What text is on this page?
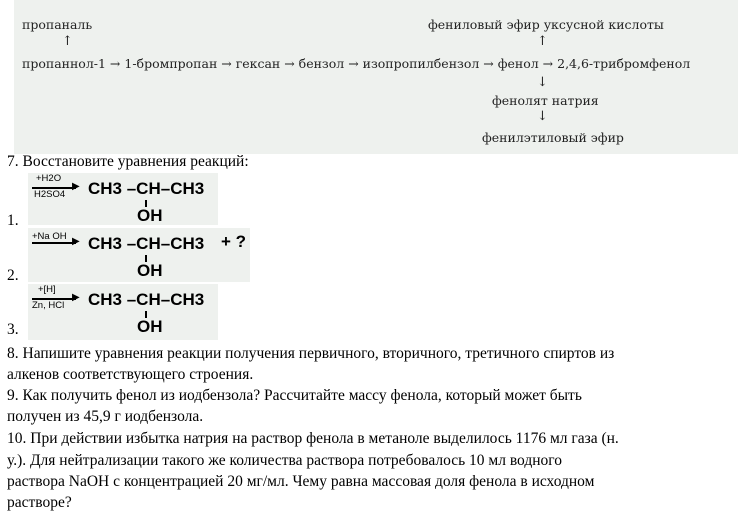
пропаналь
↑
фениловый эфир уксусной кислоты
↑
пропаннол-1 → 1-бромпропан → гексан → бензол → изопропилбензол → фенол → 2,4,6-трибромфенол
↓
фенолят натрия
↓
фенилэтиловый эфир
7. Восстановите уравнения реакций:
+H2O
▶
H2SO4 CH3 –CH–CH3
OH
1.
+Na OH ▶ CH3 –CH–CH3 + ?
OH
2.
+[H]
▶
Zn, HCl CH3 –CH–CH3
OH
3.
8. Напишите уравнения реакции получения первичного, вторичного, третичного спиртов из
алкенов соответствующего строения.
9. Как получить фенол из иодбензола? Рассчитайте массу фенола, который может быть
получен из 45,9 г иодбензола.
10. При действии избытка натрия на раствор фенола в метаноле выделилось 1176 мл газа (н.
у.). Для нейтрализации такого же количества раствора потребовалось 10 мл водного
раствора NaOH с концентрацией 20 мг/мл. Чему равна массовая доля фенола в исходном
растворе?
